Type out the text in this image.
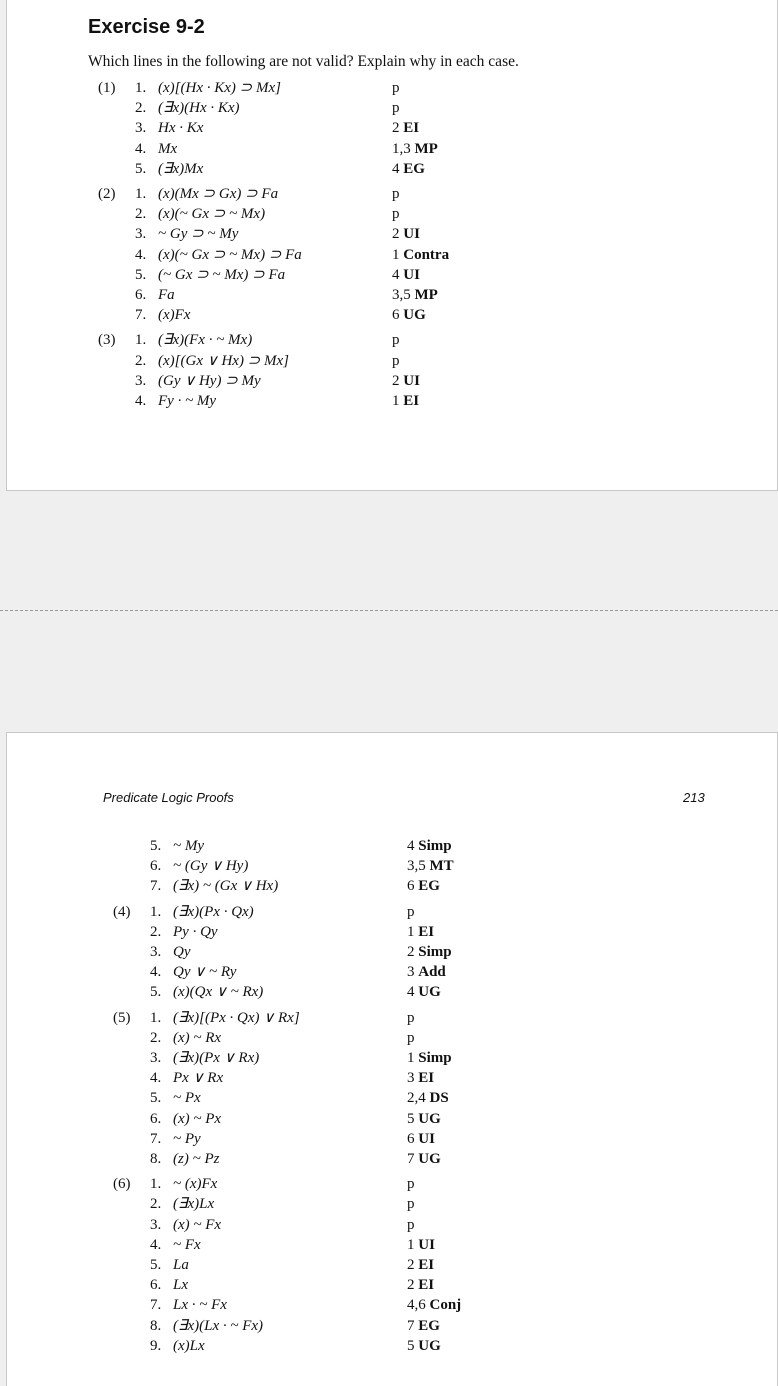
Exercise 9-2
Which lines in the following are not valid? Explain why in each case.
(1) 1. (x)[(Hx · Kx) ⊃ Mx]	p
2. (∃x)(Hx · Kx)	p
3. Hx · Kx	2 EI
4. Mx	1,3 MP
5. (∃x)Mx	4 EG
(2) 1. (x)(Mx ⊃ Gx) ⊃ Fa	p
2. (x)(~ Gx ⊃ ~ Mx)	p
3. ~ Gy ⊃ ~ My	2 UI
4. (x)(~ Gx ⊃ ~ Mx) ⊃ Fa	1 Contra
5. (~ Gx ⊃ ~ Mx) ⊃ Fa	4 UI
6. Fa	3,5 MP
7. (x)Fx	6 UG
(3) 1. (∃x)(Fx · ~ Mx)	p
2. (x)[(Gx ∨ Hx) ⊃ Mx]	p
3. (Gy ∨ Hy) ⊃ My	2 UI
4. Fy · ~ My	1 EI
Predicate Logic Proofs	213
5. ~ My	4 Simp
6. ~ (Gy ∨ Hy)	3,5 MT
7. (∃x) ~ (Gx ∨ Hx)	6 EG
(4) 1. (∃x)(Px · Qx)	p
2. Py · Qy	1 EI
3. Qy	2 Simp
4. Qy ∨ ~ Ry	3 Add
5. (x)(Qx ∨ ~ Rx)	4 UG
(5) 1. (∃x)[(Px · Qx) ∨ Rx]	p
2. (x) ~ Rx	p
3. (∃x)(Px ∨ Rx)	1 Simp
4. Px ∨ Rx	3 EI
5. ~ Px	2,4 DS
6. (x) ~ Px	5 UG
7. ~ Py	6 UI
8. (z) ~ Pz	7 UG
(6) 1. ~ (x)Fx	p
2. (∃x)Lx	p
3. (x) ~ Fx	p
4. ~ Fx	1 UI
5. La	2 EI
6. Lx	2 EI
7. Lx · ~ Fx	4,6 Conj
8. (∃x)(Lx · ~ Fx)	7 EG
9. (x)Lx	5 UG
